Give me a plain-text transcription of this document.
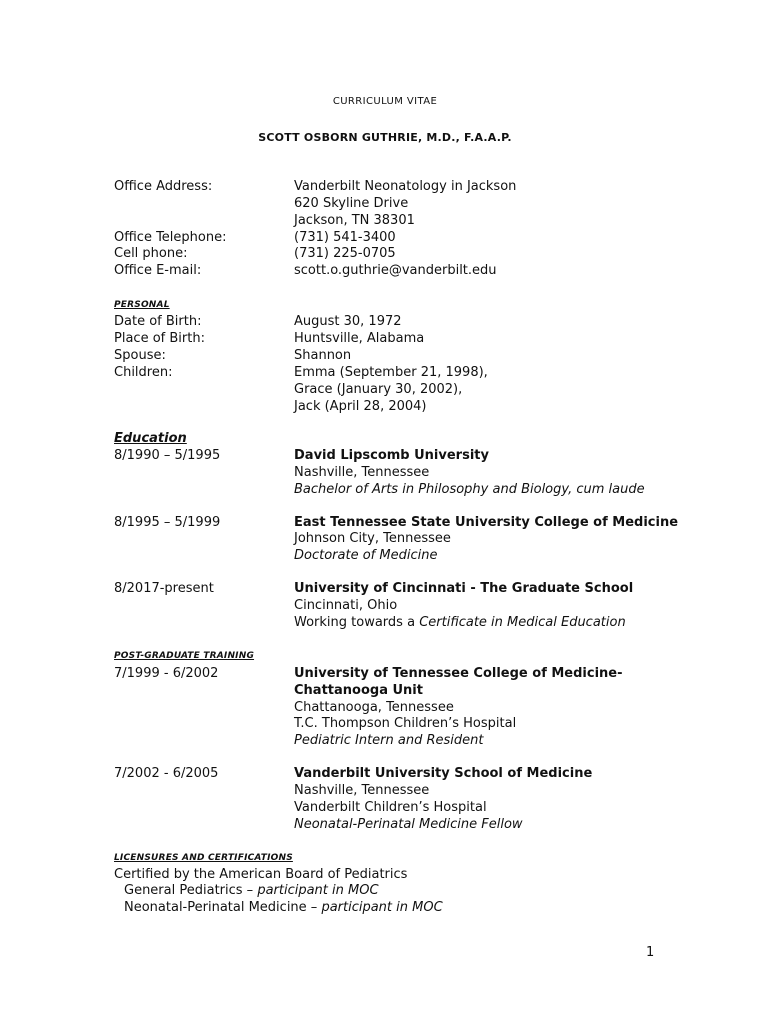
CURRICULUM VITAE
SCOTT OSBORN GUTHRIE, M.D., F.A.A.P.
Office Address:	Vanderbilt Neonatology in Jackson
620 Skyline Drive
Jackson, TN 38301
Office Telephone:	(731) 541-3400
Cell phone:	(731) 225-0705
Office E-mail:	scott.o.guthrie@vanderbilt.edu
PERSONAL
Date of Birth:	August 30, 1972
Place of Birth:	Huntsville, Alabama
Spouse:	Shannon
Children:	Emma (September 21, 1998),
Grace (January 30, 2002),
Jack (April 28, 2004)
Education
8/1990 – 5/1995	David Lipscomb University
Nashville, Tennessee
Bachelor of Arts in Philosophy and Biology, cum laude
8/1995 – 5/1999	East Tennessee State University College of Medicine
Johnson City, Tennessee
Doctorate of Medicine
8/2017-present	University of Cincinnati - The Graduate School
Cincinnati, Ohio
Working towards a Certificate in Medical Education
POST-GRADUATE TRAINING
7/1999 - 6/2002	University of Tennessee College of Medicine-
Chattanooga Unit
Chattanooga, Tennessee
T.C. Thompson Children’s Hospital
Pediatric Intern and Resident
7/2002 - 6/2005	Vanderbilt University School of Medicine
Nashville, Tennessee
Vanderbilt Children’s Hospital
Neonatal-Perinatal Medicine Fellow
LICENSURES AND CERTIFICATIONS
Certified by the American Board of Pediatrics
General Pediatrics – participant in MOC
Neonatal-Perinatal Medicine – participant in MOC
1
